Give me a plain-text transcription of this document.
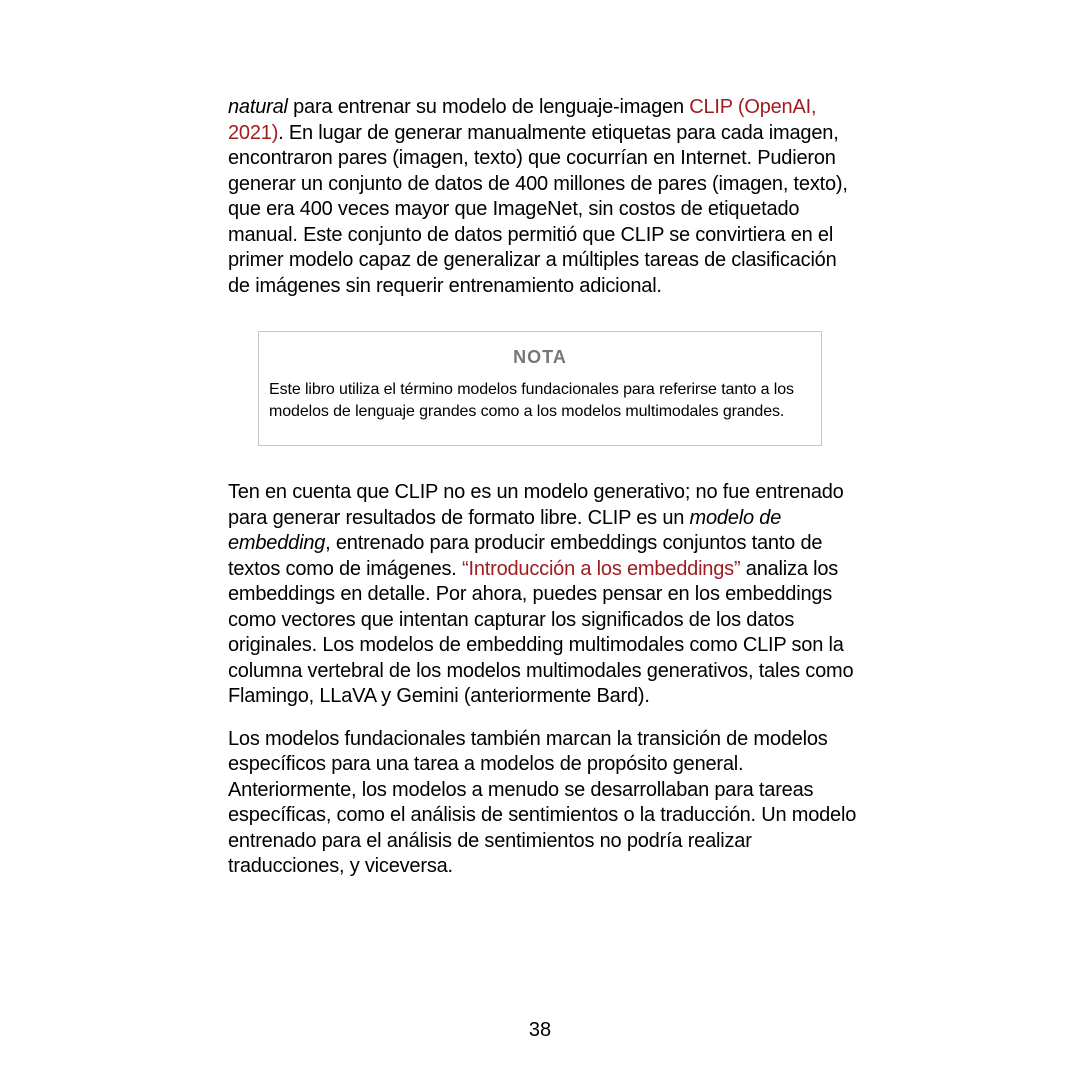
natural para entrenar su modelo de lenguaje-imagen CLIP (OpenAI, 2021). En lugar de generar manualmente etiquetas para cada imagen, encontraron pares (imagen, texto) que cocurrían en Internet. Pudieron generar un conjunto de datos de 400 millones de pares (imagen, texto), que era 400 veces mayor que ImageNet, sin costos de etiquetado manual. Este conjunto de datos permitió que CLIP se convirtiera en el primer modelo capaz de generalizar a múltiples tareas de clasificación de imágenes sin requerir entrenamiento adicional.

NOTA

Este libro utiliza el término modelos fundacionales para referirse tanto a los modelos de lenguaje grandes como a los modelos multimodales grandes.

Ten en cuenta que CLIP no es un modelo generativo; no fue entrenado para generar resultados de formato libre. CLIP es un modelo de embedding, entrenado para producir embeddings conjuntos tanto de textos como de imágenes. “Introducción a los embeddings” analiza los embeddings en detalle. Por ahora, puedes pensar en los embeddings como vectores que intentan capturar los significados de los datos originales. Los modelos de embedding multimodales como CLIP son la columna vertebral de los modelos multimodales generativos, tales como Flamingo, LLaVA y Gemini (anteriormente Bard).

Los modelos fundacionales también marcan la transición de modelos específicos para una tarea a modelos de propósito general. Anteriormente, los modelos a menudo se desarrollaban para tareas específicas, como el análisis de sentimientos o la traducción. Un modelo entrenado para el análisis de sentimientos no podría realizar traducciones, y viceversa.

38
